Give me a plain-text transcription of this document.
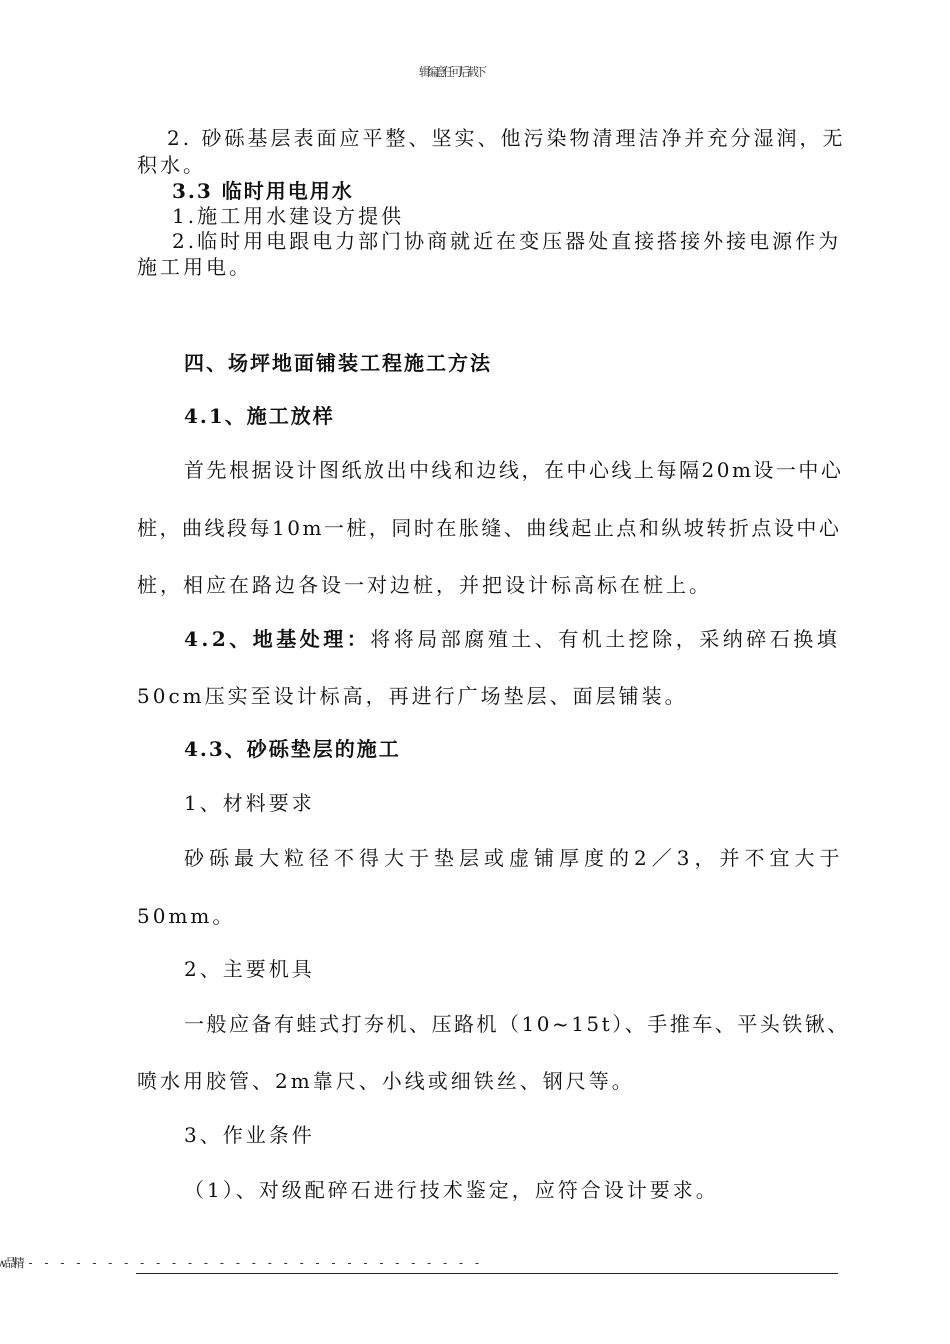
2. 砂砾基层表面应平整、坚实、他污染物清理洁净并充分湿润，无
积水。
3.3 临时用电用水
1.施工用水建设方提供
2.临时用电跟电力部门协商就近在变压器处直接搭接外接电源作为
施工用电。
四、场坪地面铺装工程施工方法
4.1、施工放样
首先根据设计图纸放出中线和边线，在中心线上每隔20m设一中心
桩，曲线段每10m一桩，同时在胀缝、曲线起止点和纵坡转折点设中心
桩，相应在路边各设一对边桩，并把设计标高标在桩上。
4.2、地基处理：将将局部腐殖土、有机土挖除，采纳碎石换填
50cm压实至设计标高，再进行广场垫层、面层铺装。
4.3、砂砾垫层的施工
1、材料要求
砂砾最大粒径不得大于垫层或虚铺厚度的2／3，并不宜大于
50mm。
2、主要机具
一般应备有蛙式打夯机、压路机（10~15t）、手推车、平头铁锹、
喷水用胶管、2m靠尺、小线或细铁丝、钢尺等。
3、作业条件
（1）、对级配碎石进行技术鉴定，应符合设计要求。
